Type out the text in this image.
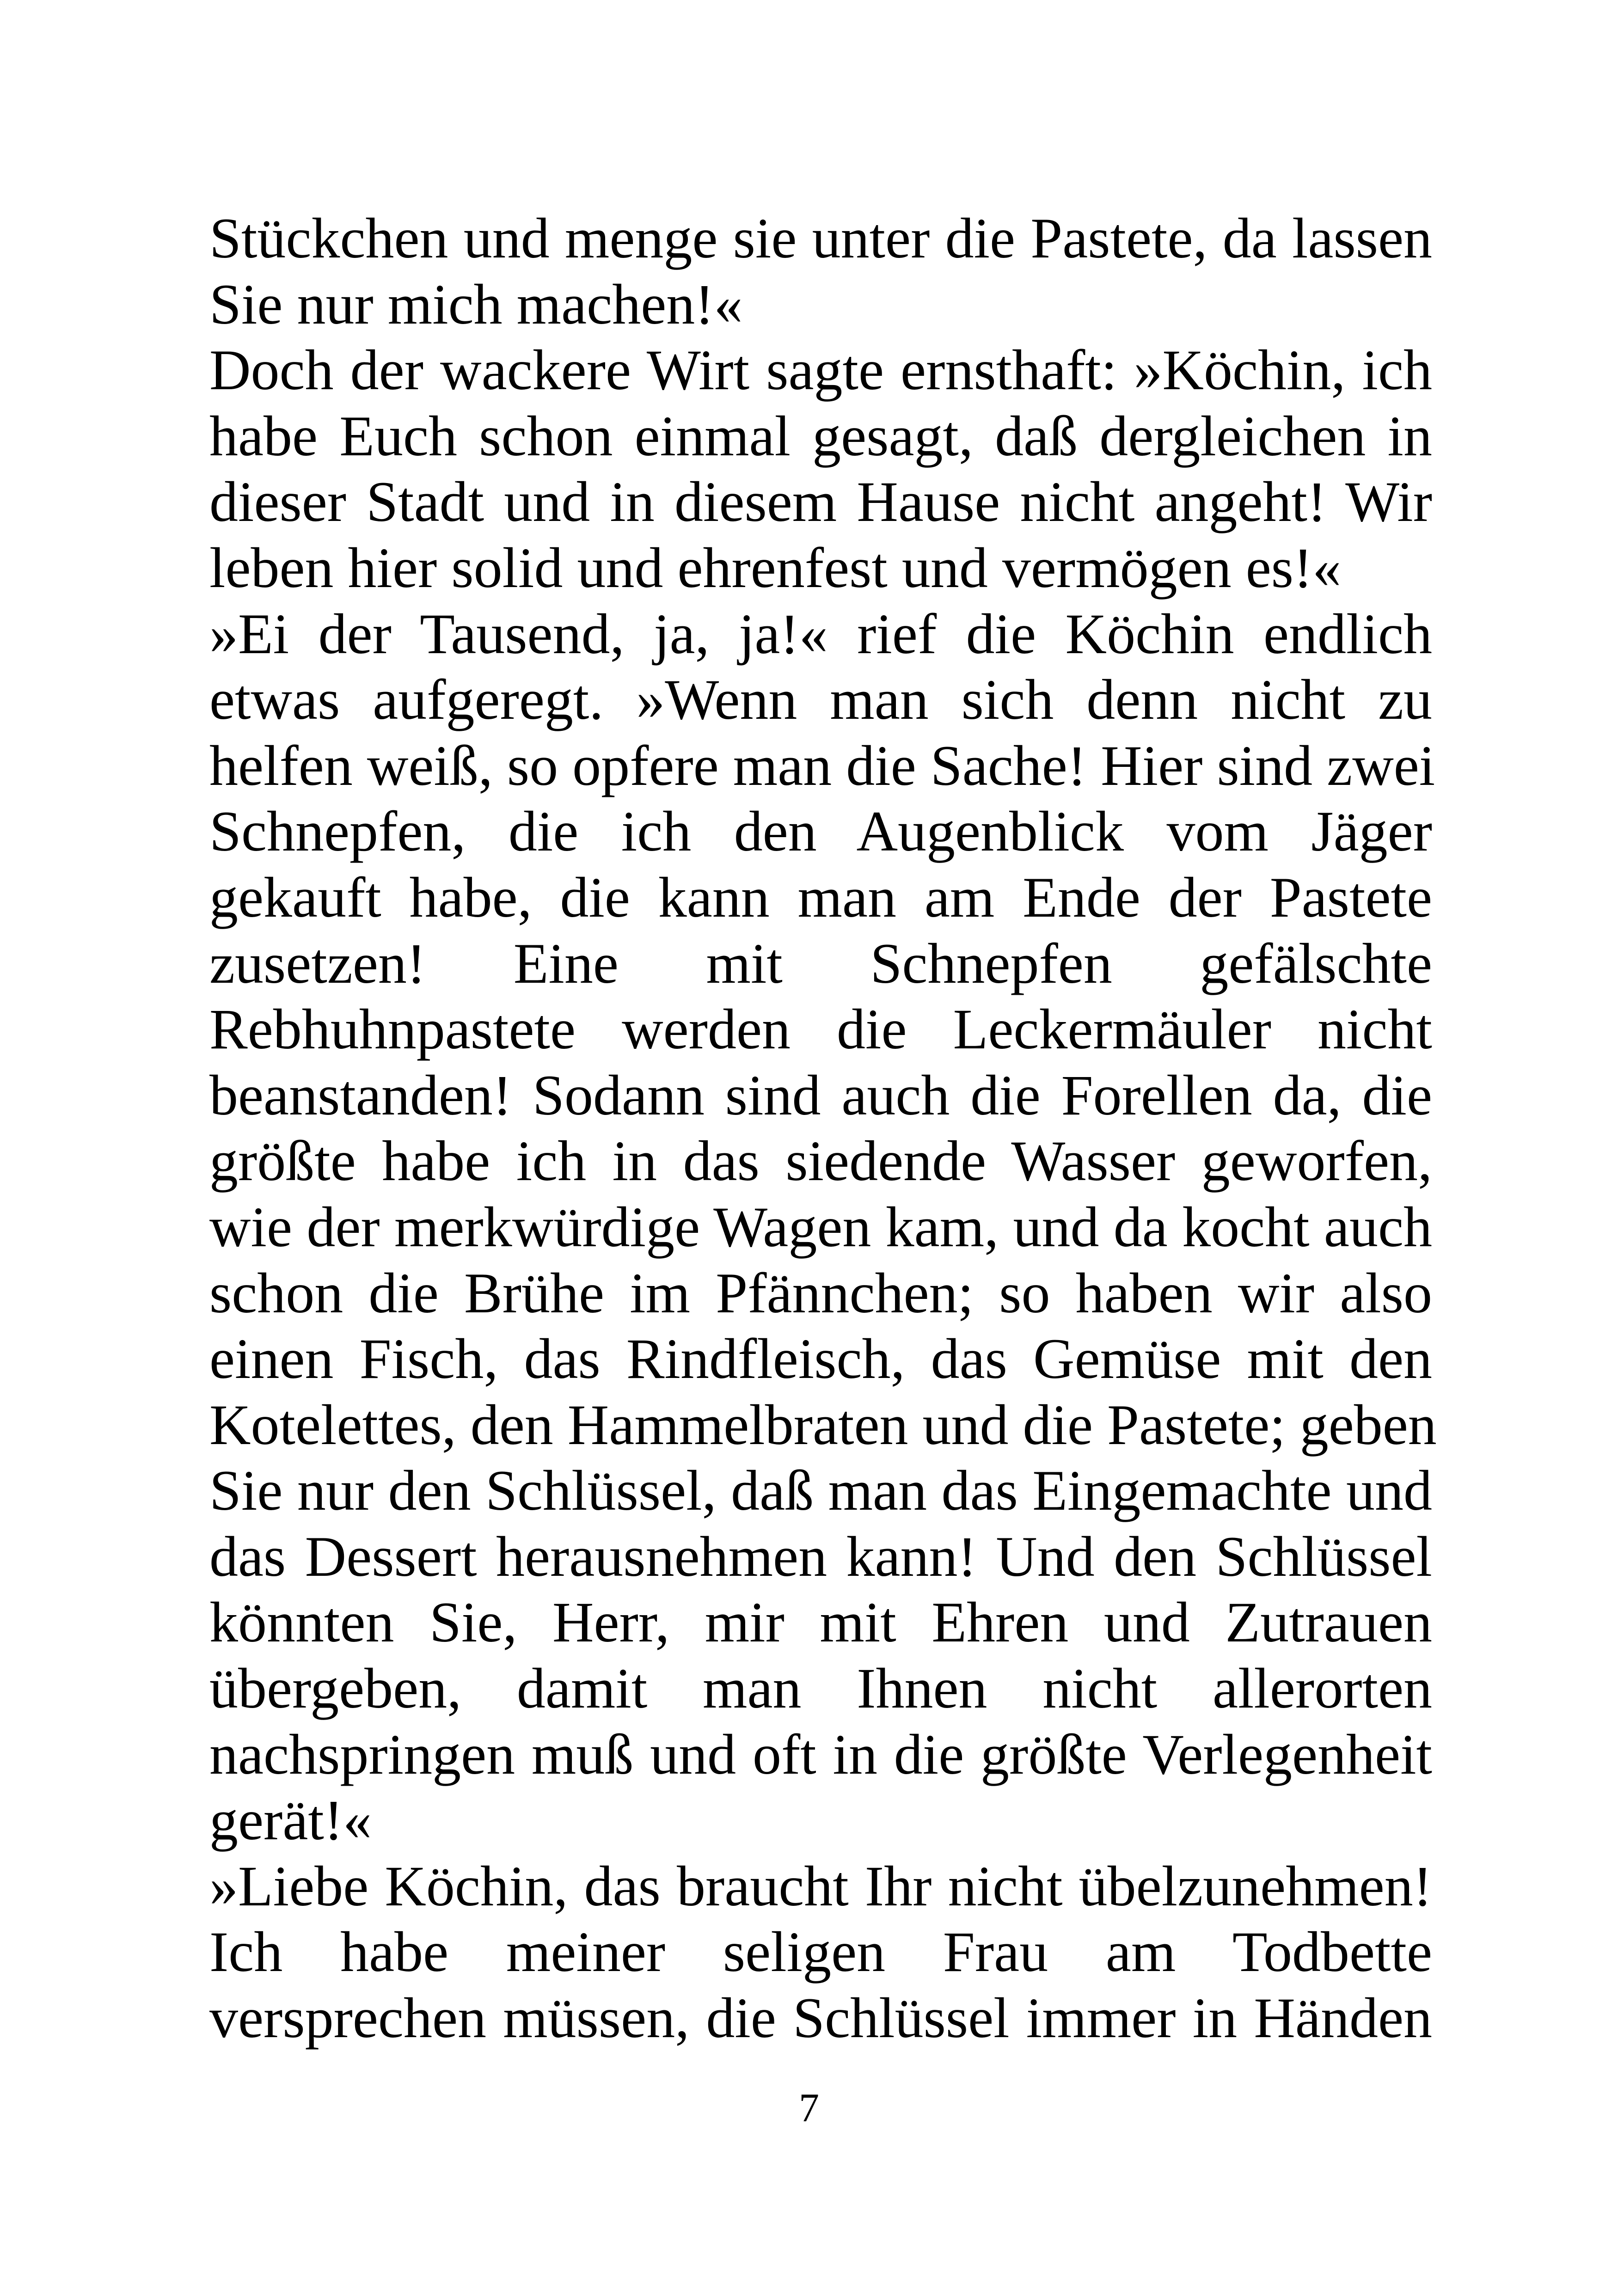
Stückchen und menge sie unter die Pastete, da lassen
Sie nur mich machen!«
Doch der wackere Wirt sagte ernsthaft: »Köchin, ich
habe Euch schon einmal gesagt, daß dergleichen in
dieser Stadt und in diesem Hause nicht angeht! Wir
leben hier solid und ehrenfest und vermögen es!«
»Ei der Tausend, ja, ja!« rief die Köchin endlich
etwas aufgeregt. »Wenn man sich denn nicht zu
helfen weiß, so opfere man die Sache! Hier sind zwei
Schnepfen, die ich den Augenblick vom Jäger
gekauft habe, die kann man am Ende der Pastete
zusetzen! Eine mit Schnepfen gefälschte
Rebhuhnpastete werden die Leckermäuler nicht
beanstanden! Sodann sind auch die Forellen da, die
größte habe ich in das siedende Wasser geworfen,
wie der merkwürdige Wagen kam, und da kocht auch
schon die Brühe im Pfännchen; so haben wir also
einen Fisch, das Rindfleisch, das Gemüse mit den
Kotelettes, den Hammelbraten und die Pastete; geben
Sie nur den Schlüssel, daß man das Eingemachte und
das Dessert herausnehmen kann! Und den Schlüssel
könnten Sie, Herr, mir mit Ehren und Zutrauen
übergeben, damit man Ihnen nicht allerorten
nachspringen muß und oft in die größte Verlegenheit
gerät!«
»Liebe Köchin, das braucht Ihr nicht übelzunehmen!
Ich habe meiner seligen Frau am Todbette
versprechen müssen, die Schlüssel immer in Händen
7
